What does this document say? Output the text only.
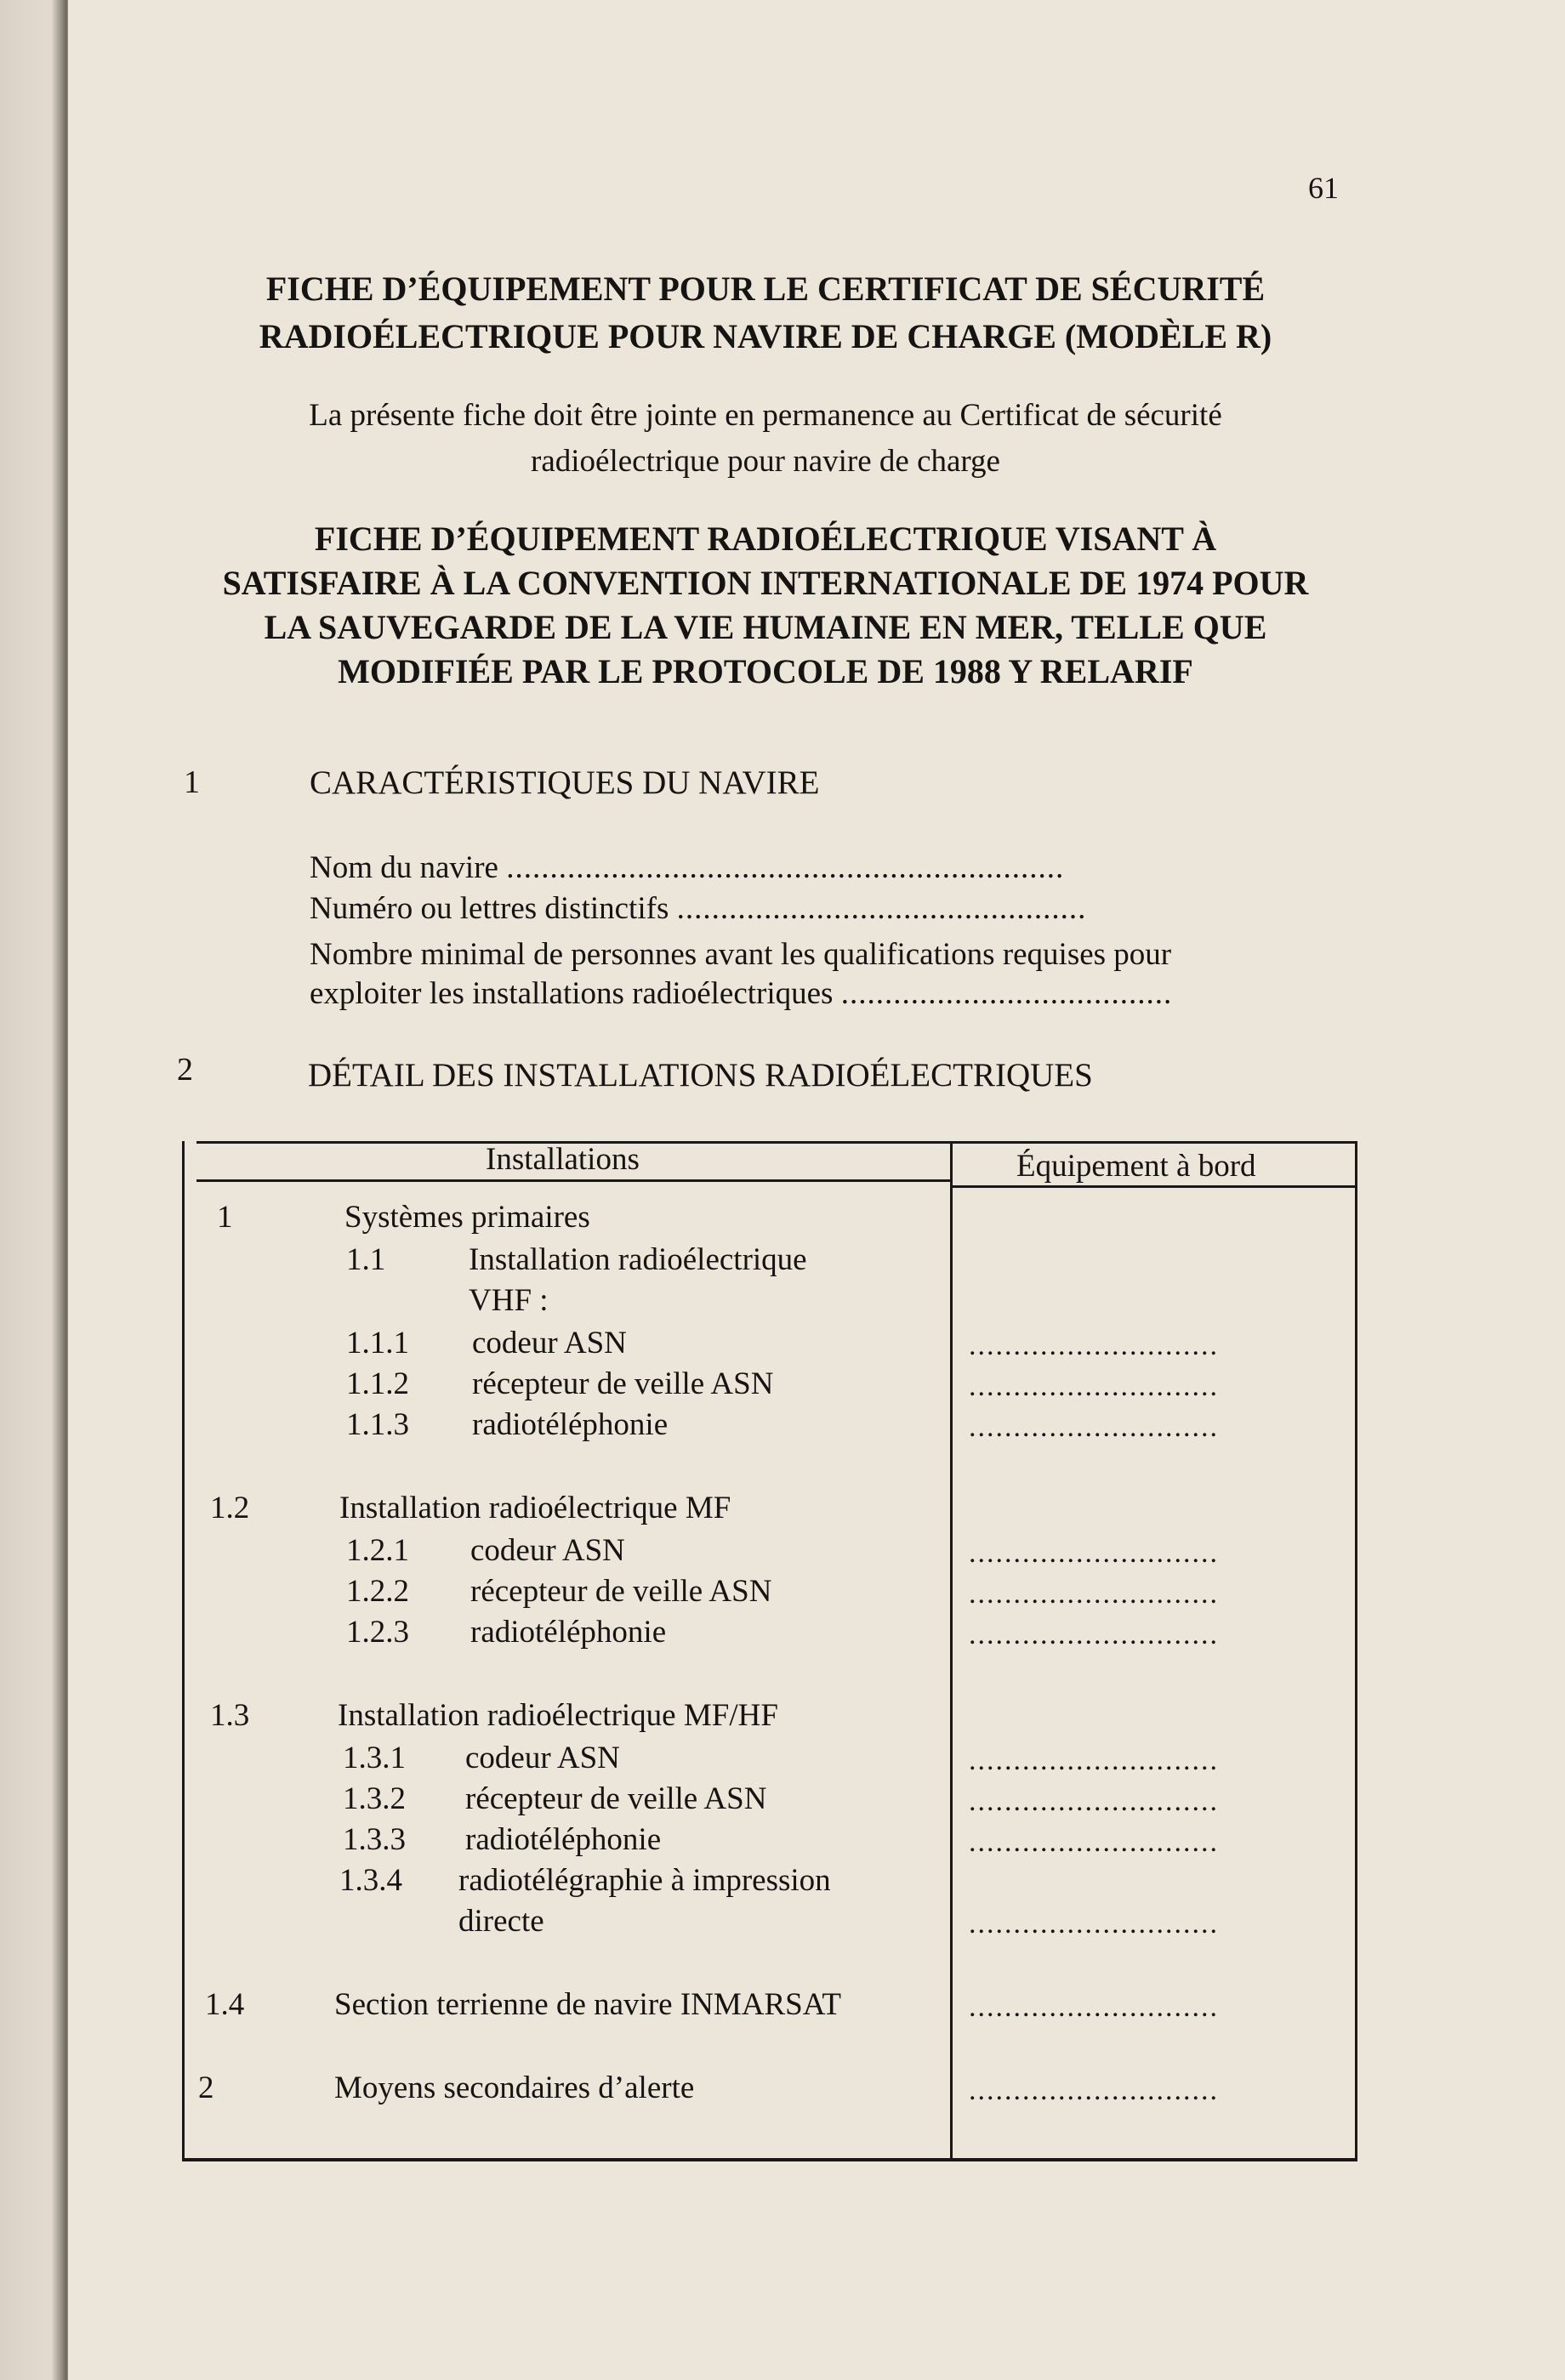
61
FICHE D’ÉQUIPEMENT POUR LE CERTIFICAT DE SÉCURITÉ
RADIOÉLECTRIQUE POUR NAVIRE DE CHARGE (MODÈLE R)
La présente fiche doit être jointe en permanence au Certificat de sécurité
radioélectrique pour navire de charge
FICHE D’ÉQUIPEMENT RADIOÉLECTRIQUE VISANT À
SATISFAIRE À LA CONVENTION INTERNATIONALE DE 1974 POUR
LA SAUVEGARDE DE LA VIE HUMAINE EN MER, TELLE QUE
MODIFIÉE PAR LE PROTOCOLE DE 1988 Y RELARIF
1	CARACTÉRISTIQUES DU NAVIRE
Nom du navire ................................................................
Numéro ou lettres distinctifs ...............................................
Nombre minimal de personnes avant les qualifications requises pour
exploiter les installations radioélectriques ......................................
2	DÉTAIL DES INSTALLATIONS RADIOÉLECTRIQUES
Installations	Équipement à bord
1	Systèmes primaires
1.1	Installation radioélectrique
VHF :
1.1.1 codeur ASN	............................
1.1.2 récepteur de veille ASN	............................
1.1.3 radiotéléphonie	............................
1.2	Installation radioélectrique MF
1.2.1 codeur ASN	............................
1.2.2 récepteur de veille ASN	............................
1.2.3 radiotéléphonie	............................
1.3	Installation radioélectrique MF/HF
1.3.1 codeur ASN	............................
1.3.2 récepteur de veille ASN	............................
1.3.3 radiotéléphonie	............................
1.3.4 radiotélégraphie à impression
directe	............................
1.4	Section terrienne de navire INMARSAT	............................
2	Moyens secondaires d’alerte	............................
